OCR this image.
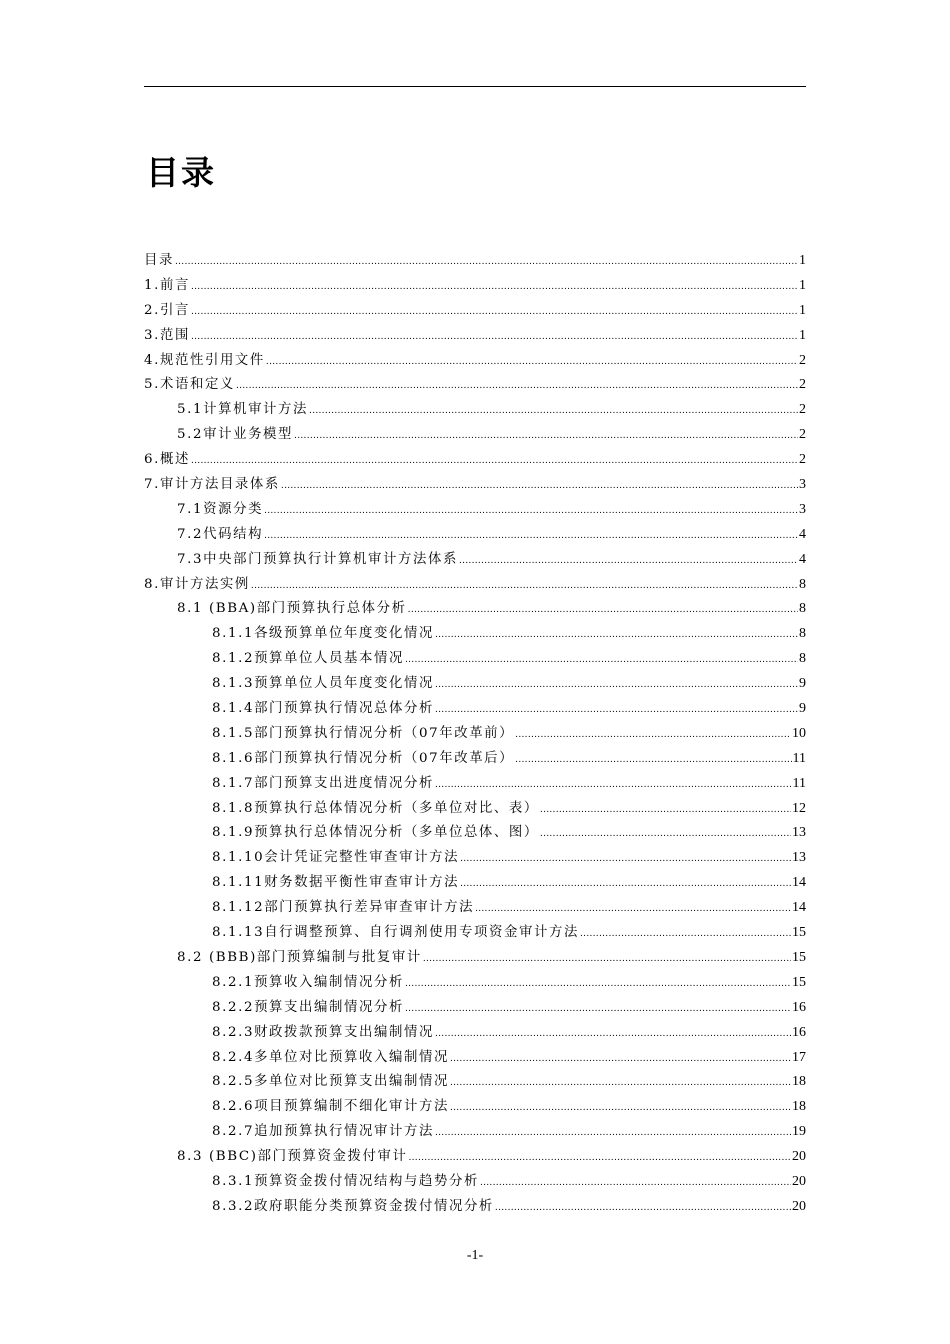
目录
目录 .....	1
1.前言 .....	1
2.引言 .....	1
3.范围 .....	1
4.规范性引用文件 .....	2
5.术语和定义 .....	2
5.1计算机审计方法 .....	2
5.2审计业务模型 .....	2
6.概述 .....	2
7.审计方法目录体系 .....	3
7.1资源分类 .....	3
7.2代码结构 .....	4
7.3中央部门预算执行计算机审计方法体系 .....	4
8.审计方法实例 .....	8
8.1 (BBA)部门预算执行总体分析 .....	8
8.1.1各级预算单位年度变化情况 .....	8
8.1.2预算单位人员基本情况 .....	8
8.1.3预算单位人员年度变化情况 .....	9
8.1.4部门预算执行情况总体分析 .....	9
8.1.5部门预算执行情况分析（07年改革前） .....	10
8.1.6部门预算执行情况分析（07年改革后） .....	11
8.1.7部门预算支出进度情况分析 .....	11
8.1.8预算执行总体情况分析（多单位对比、表） .....	12
8.1.9预算执行总体情况分析（多单位总体、图） .....	13
8.1.10会计凭证完整性审查审计方法 .....	13
8.1.11财务数据平衡性审查审计方法 .....	14
8.1.12部门预算执行差异审查审计方法 .....	14
8.1.13自行调整预算、自行调剂使用专项资金审计方法 .....	15
8.2 (BBB)部门预算编制与批复审计 .....	15
8.2.1预算收入编制情况分析 .....	15
8.2.2预算支出编制情况分析 .....	16
8.2.3财政拨款预算支出编制情况 .....	16
8.2.4多单位对比预算收入编制情况 .....	17
8.2.5多单位对比预算支出编制情况 .....	18
8.2.6项目预算编制不细化审计方法 .....	18
8.2.7追加预算执行情况审计方法 .....	19
8.3 (BBC)部门预算资金拨付审计 .....	20
8.3.1预算资金拨付情况结构与趋势分析 .....	20
8.3.2政府职能分类预算资金拨付情况分析 .....	20
-1-
